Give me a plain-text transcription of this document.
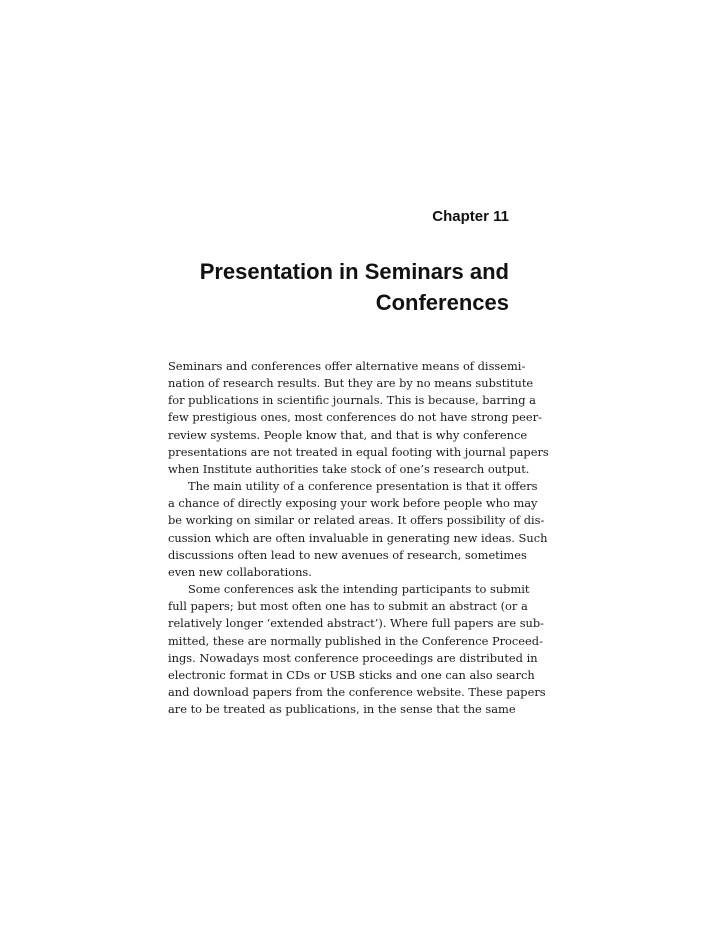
Chapter 11
Presentation in Seminars and
Conferences
Seminars and conferences offer alternative means of dissemi-
nation of research results. But they are by no means substitute
for publications in scientific journals. This is because, barring a
few prestigious ones, most conferences do not have strong peer-
review systems. People know that, and that is why conference
presentations are not treated in equal footing with journal papers
when Institute authorities take stock of one’s research output.
The main utility of a conference presentation is that it offers
a chance of directly exposing your work before people who may
be working on similar or related areas. It offers possibility of dis-
cussion which are often invaluable in generating new ideas. Such
discussions often lead to new avenues of research, sometimes
even new collaborations.
Some conferences ask the intending participants to submit
full papers; but most often one has to submit an abstract (or a
relatively longer ‘extended abstract’). Where full papers are sub-
mitted, these are normally published in the Conference Proceed-
ings. Nowadays most conference proceedings are distributed in
electronic format in CDs or USB sticks and one can also search
and download papers from the conference website. These papers
are to be treated as publications, in the sense that the same
